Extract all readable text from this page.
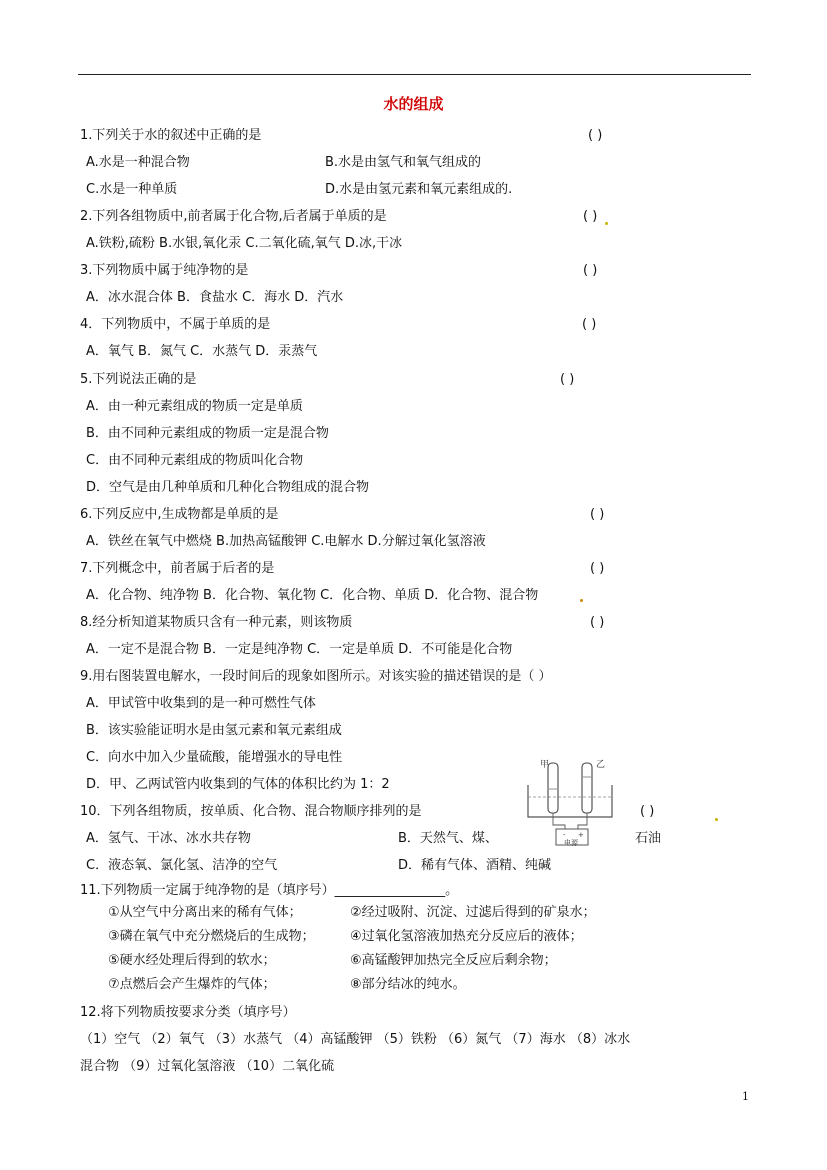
水的组成
1.下列关于水的叙述中正确的是	( )
A.水是一种混合物	B.水是由氢气和氧气组成的
C.水是一种单质	D.水是由氢元素和氧元素组成的.
2.下列各组物质中,前者属于化合物,后者属于单质的是	( )
A.铁粉,硫粉 B.水银,氧化汞 C.二氧化硫,氧气 D.冰,干冰
3.下列物质中属于纯净物的是	( )
A．冰水混合体 B．食盐水 C．海水 D．汽水
4．下列物质中，不属于单质的是	( )
A．氧气 B．氮气 C．水蒸气 D．汞蒸气
5.下列说法正确的是	( )
A．由一种元素组成的物质一定是单质
B．由不同种元素组成的物质一定是混合物
C．由不同种元素组成的物质叫化合物
D．空气是由几种单质和几种化合物组成的混合物
6.下列反应中,生成物都是单质的是	( )
A．铁丝在氧气中燃烧 B.加热高锰酸钾 C.电解水 D.分解过氧化氢溶液
7.下列概念中，前者属于后者的是	( )
A．化合物、纯净物 B．化合物、氧化物 C．化合物、单质 D．化合物、混合物
8.经分析知道某物质只含有一种元素，则该物质	( )
A．一定不是混合物 B．一定是纯净物 C．一定是单质 D．不可能是化合物
9.用右图装置电解水，一段时间后的现象如图所示。对该实验的描述错误的是（ ）
A．甲试管中收集到的是一种可燃性气体
B．该实验能证明水是由氢元素和氧元素组成
C．向水中加入少量硫酸，能增强水的导电性
D．甲、乙两试管内收集到的气体的体积比约为 1：2
甲	乙
- +
电源
10．下列各组物质，按单质、化合物、混合物顺序排列的是	( )
A．氢气、干冰、冰水共存物	B．天然气、煤、	石油
C．液态氧、氯化氢、洁净的空气	D．稀有气体、酒精、纯碱
11.下列物质一定属于纯净物的是（填序号）_________________。
①从空气中分离出来的稀有气体；	②经过吸附、沉淀、过滤后得到的矿泉水；
③磷在氧气中充分燃烧后的生成物；	④过氧化氢溶液加热充分反应后的液体；
⑤硬水经处理后得到的软水；	⑥高锰酸钾加热完全反应后剩余物；
⑦点燃后会产生爆炸的气体；	⑧部分结冰的纯水。
12.将下列物质按要求分类（填序号）
（1）空气 （2）氧气 （3）水蒸气 （4）高锰酸钾 （5）铁粉 （6）氮气 （7）海水 （8）冰水
混合物 （9）过氧化氢溶液 （10）二氧化硫
1
